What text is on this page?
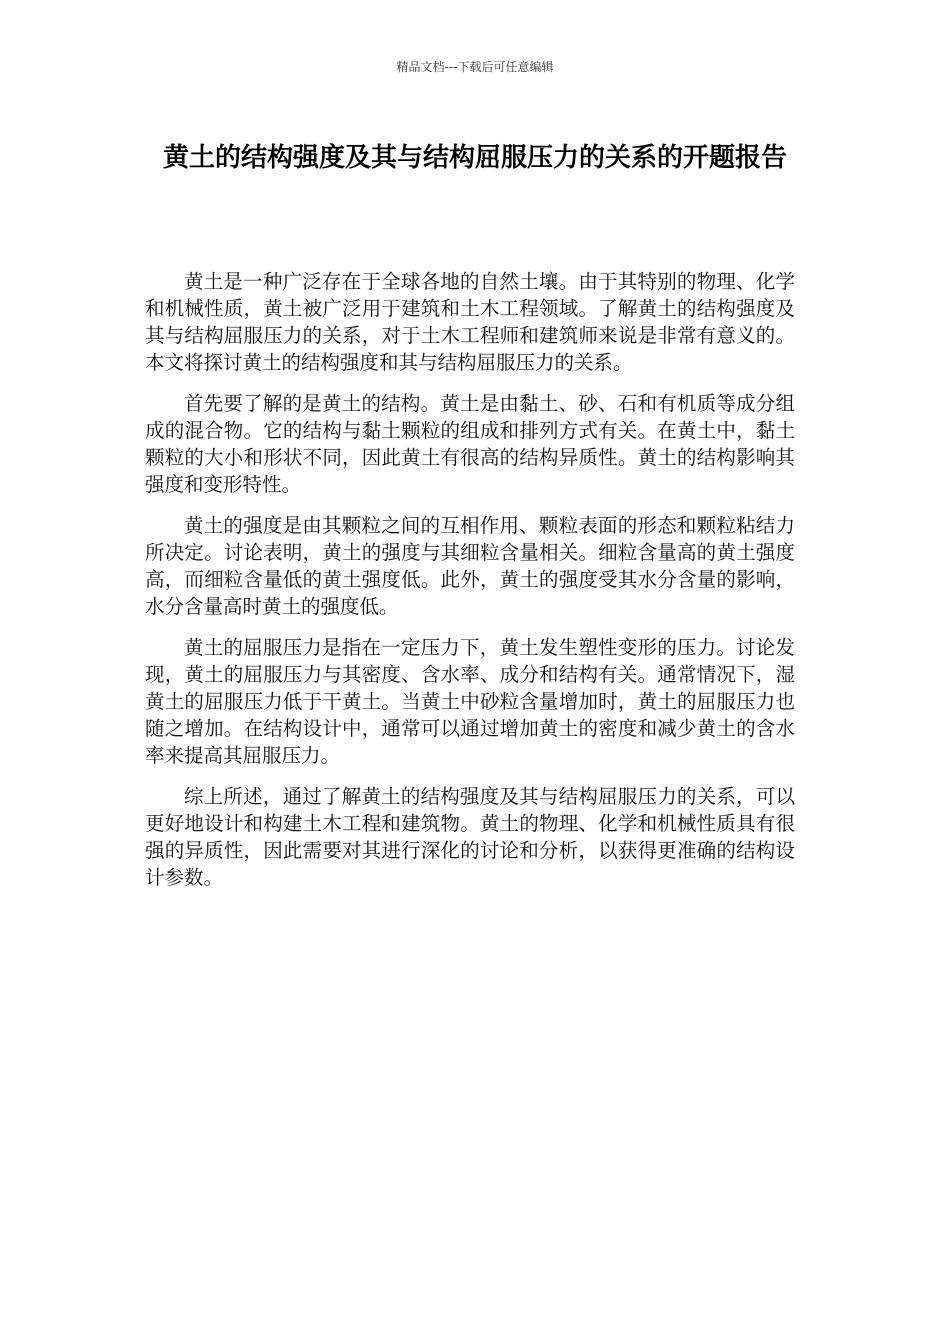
精品文档---下载后可任意编辑
黄土的结构强度及其与结构屈服压力的关系的开题报告

黄土是一种广泛存在于全球各地的自然土壤。由于其特别的物理、化学和机械性质，黄土被广泛用于建筑和土木工程领域。了解黄土的结构强度及其与结构屈服压力的关系，对于土木工程师和建筑师来说是非常有意义的。本文将探讨黄土的结构强度和其与结构屈服压力的关系。

首先要了解的是黄土的结构。黄土是由黏土、砂、石和有机质等成分组成的混合物。它的结构与黏土颗粒的组成和排列方式有关。在黄土中，黏土颗粒的大小和形状不同，因此黄土有很高的结构异质性。黄土的结构影响其强度和变形特性。

黄土的强度是由其颗粒之间的互相作用、颗粒表面的形态和颗粒粘结力所决定。讨论表明，黄土的强度与其细粒含量相关。细粒含量高的黄土强度高，而细粒含量低的黄土强度低。此外，黄土的强度受其水分含量的影响，水分含量高时黄土的强度低。

黄土的屈服压力是指在一定压力下，黄土发生塑性变形的压力。讨论发现，黄土的屈服压力与其密度、含水率、成分和结构有关。通常情况下，湿黄土的屈服压力低于干黄土。当黄土中砂粒含量增加时，黄土的屈服压力也随之增加。在结构设计中，通常可以通过增加黄土的密度和减少黄土的含水率来提高其屈服压力。

综上所述，通过了解黄土的结构强度及其与结构屈服压力的关系，可以更好地设计和构建土木工程和建筑物。黄土的物理、化学和机械性质具有很强的异质性，因此需要对其进行深化的讨论和分析，以获得更准确的结构设计参数。
